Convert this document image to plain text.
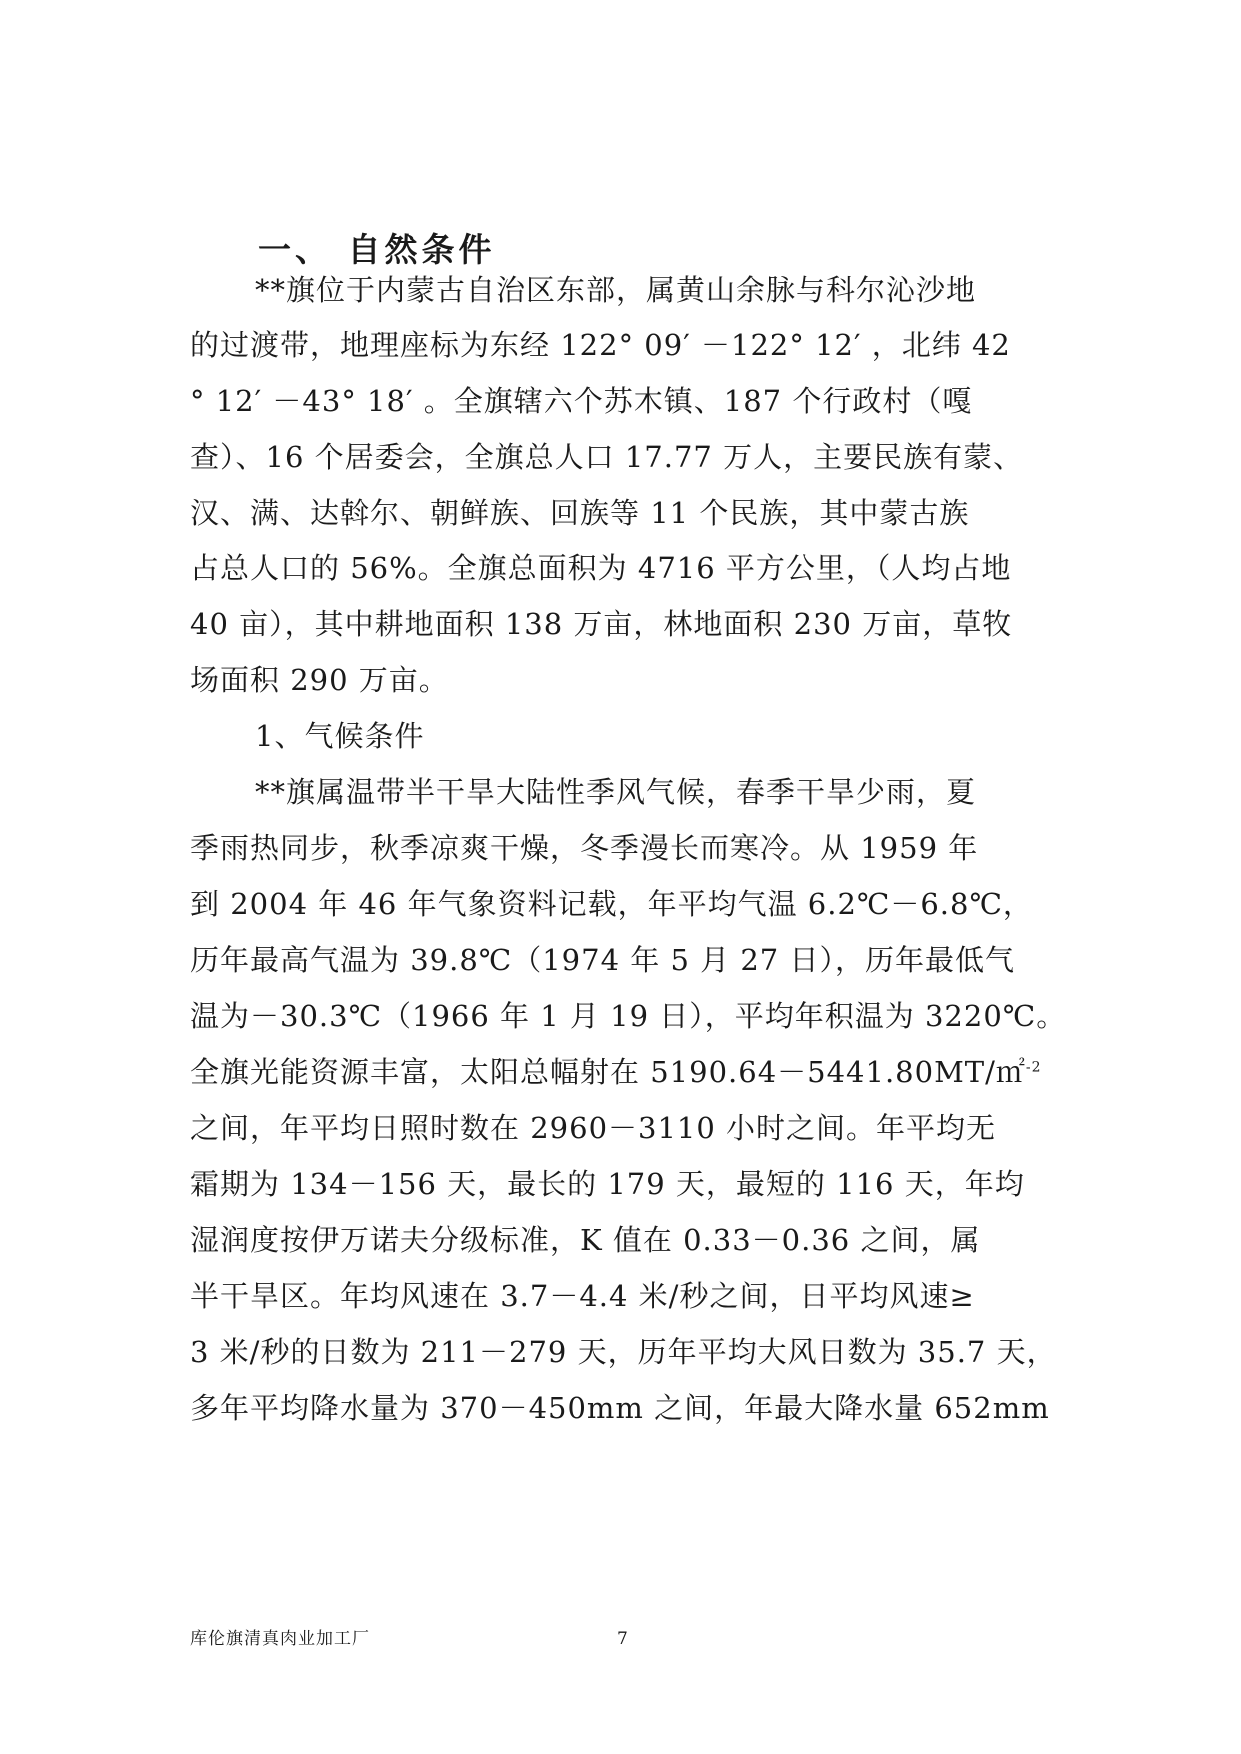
一、 自然条件
**旗位于内蒙古自治区东部，属黄山余脉与科尔沁沙地
的过渡带，地理座标为东经 122° 09′ －122° 12′ ，北纬 42
° 12′ －43° 18′ 。全旗辖六个苏木镇、187 个行政村（嘎
查）、16 个居委会，全旗总人口 17.77 万人，主要民族有蒙、
汉、满、达斡尔、朝鲜族、回族等 11 个民族，其中蒙古族
占总人口的 56%。全旗总面积为 4716 平方公里，（人均占地
40 亩），其中耕地面积 138 万亩，林地面积 230 万亩，草牧
场面积 290 万亩。
1、气候条件
**旗属温带半干旱大陆性季风气候，春季干旱少雨，夏
季雨热同步，秋季凉爽干燥，冬季漫长而寒冷。从 1959 年
到 2004 年 46 年气象资料记载，年平均气温 6.2℃－6.8℃，
历年最高气温为 39.8℃（1974 年 5 月 27 日），历年最低气
温为－30.3℃（1966 年 1 月 19 日），平均年积温为 3220℃。
全旗光能资源丰富，太阳总幅射在 5190.64－5441.80MT/㎡$^{-2}$
之间，年平均日照时数在 2960－3110 小时之间。年平均无
霜期为 134－156 天，最长的 179 天，最短的 116 天，年均
湿润度按伊万诺夫分级标准，K 值在 0.33－0.36 之间，属
半干旱区。年均风速在 3.7－4.4 米/秒之间，日平均风速≥
3 米/秒的日数为 211－279 天，历年平均大风日数为 35.7 天，
多年平均降水量为 370－450mm 之间，年最大降水量 652mm
库伦旗清真肉业加工厂	7
